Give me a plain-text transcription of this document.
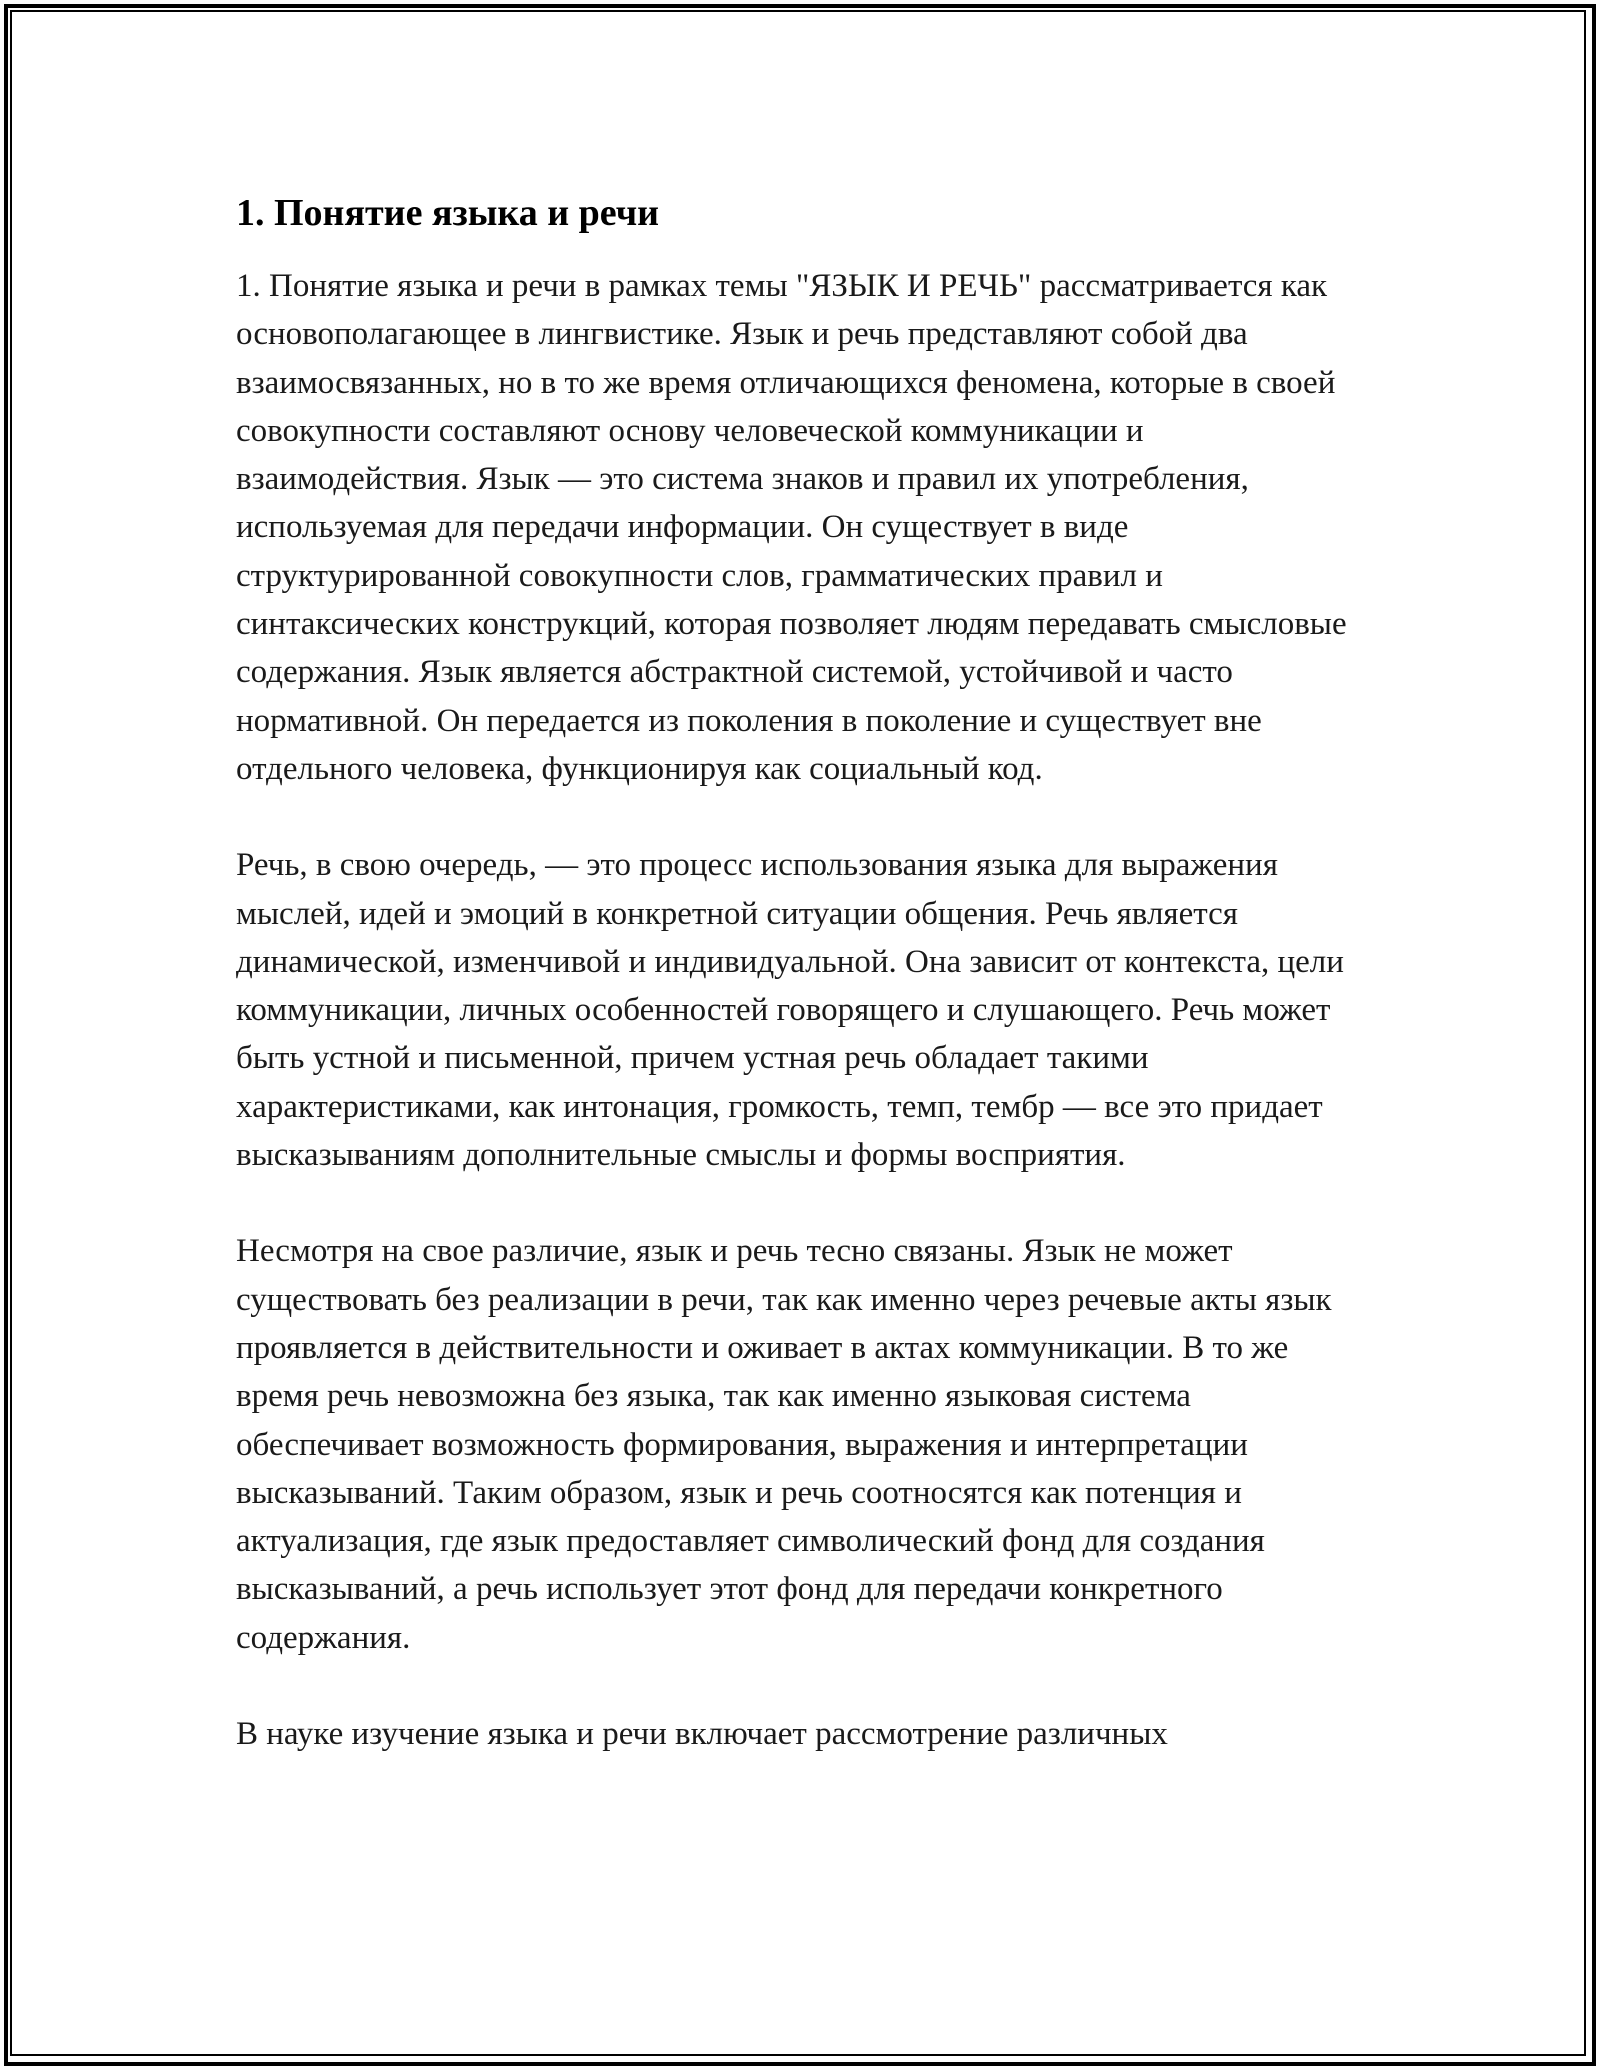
1. Понятие языка и речи

1. Понятие языка и речи в рамках темы "ЯЗЫК И РЕЧЬ" рассматривается как основополагающее в лингвистике. Язык и речь представляют собой два взаимосвязанных, но в то же время отличающихся феномена, которые в своей совокупности составляют основу человеческой коммуникации и взаимодействия. Язык — это система знаков и правил их употребления, используемая для передачи информации. Он существует в виде структурированной совокупности слов, грамматических правил и синтаксических конструкций, которая позволяет людям передавать смысловые содержания. Язык является абстрактной системой, устойчивой и часто нормативной. Он передается из поколения в поколение и существует вне отдельного человека, функционируя как социальный код.

Речь, в свою очередь, — это процесс использования языка для выражения мыслей, идей и эмоций в конкретной ситуации общения. Речь является динамической, изменчивой и индивидуальной. Она зависит от контекста, цели коммуникации, личных особенностей говорящего и слушающего. Речь может быть устной и письменной, причем устная речь обладает такими характеристиками, как интонация, громкость, темп, тембр — все это придает высказываниям дополнительные смыслы и формы восприятия.

Несмотря на свое различие, язык и речь тесно связаны. Язык не может существовать без реализации в речи, так как именно через речевые акты язык проявляется в действительности и оживает в актах коммуникации. В то же время речь невозможна без языка, так как именно языковая система обеспечивает возможность формирования, выражения и интерпретации высказываний. Таким образом, язык и речь соотносятся как потенция и актуализация, где язык предоставляет символический фонд для создания высказываний, а речь использует этот фонд для передачи конкретного содержания.

В науке изучение языка и речи включает рассмотрение различных
